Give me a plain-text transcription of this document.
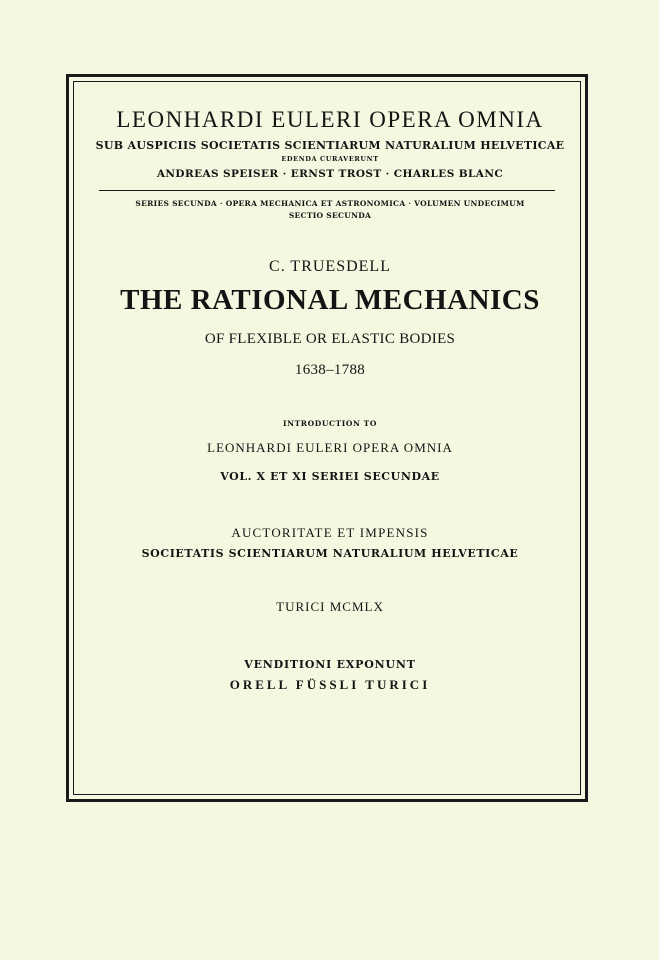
LEONHARDI EULERI OPERA OMNIA

SUB AUSPICIIS SOCIETATIS SCIENTIARUM NATURALIUM HELVETICAE

EDENDA CURAVERUNT

ANDREAS SPEISER · ERNST TROST · CHARLES BLANC

SERIES SECUNDA · OPERA MECHANICA ET ASTRONOMICA · VOLUMEN UNDECIMUM

SECTIO SECUNDA

C. TRUESDELL

THE RATIONAL MECHANICS

OF FLEXIBLE OR ELASTIC BODIES

1638–1788

INTRODUCTION TO

LEONHARDI EULERI OPERA OMNIA

VOL. X ET XI SERIEI SECUNDAE

AUCTORITATE ET IMPENSIS

SOCIETATIS SCIENTIARUM NATURALIUM HELVETICAE

TURICI MCMLX

VENDITIONI EXPONUNT

ORELL FÜSSLI TURICI
